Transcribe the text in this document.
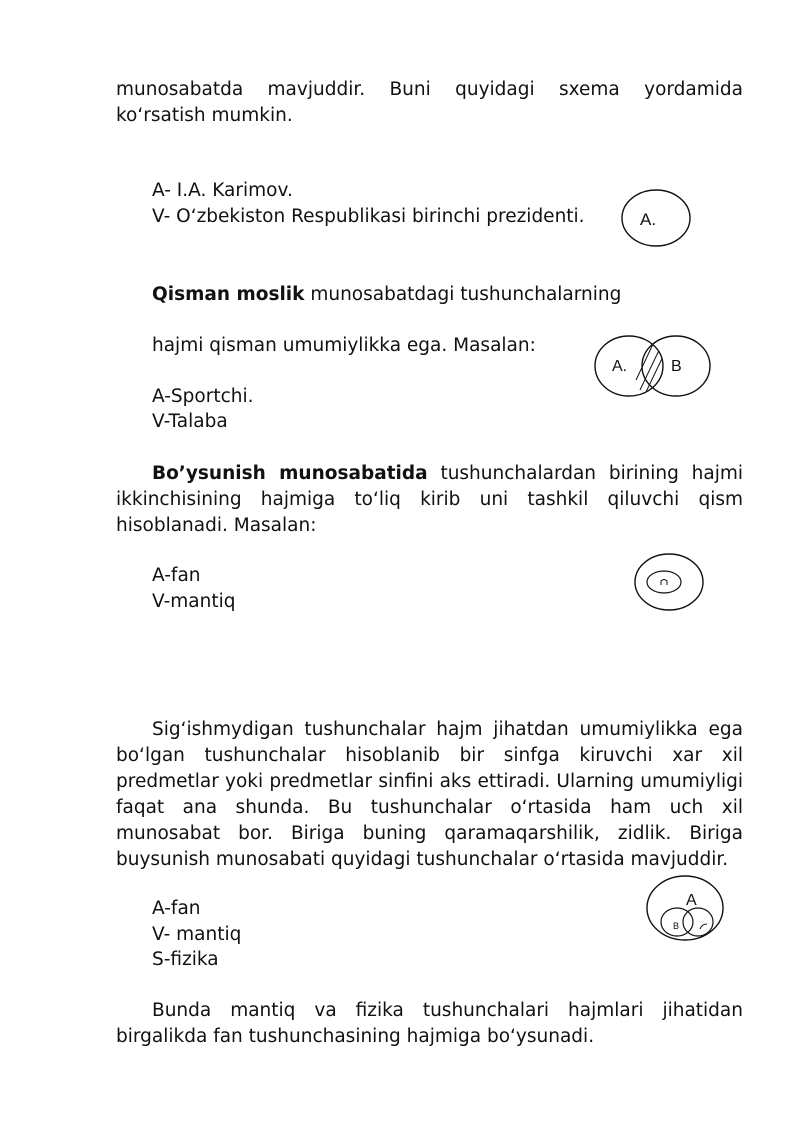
munosabatda mavjuddir. Buni quyidagi sxema yordamida ko‘rsatish mumkin.
A- I.A. Karimov.
V- O‘zbekiston Respublikasi birinchi prezidenti.	A.
Qisman moslik munosabatdagi tushunchalarning
hajmi qisman umumiylikka ega. Masalan:
A-Sportchi.
V-Talaba
A.	B
Bo’ysunish munosabatida tushunchalardan birining hajmi ikkinchisining hajmiga to‘liq kirib uni tashkil qiluvchi qism hisoblanadi. Masalan:
A-fan
V-mantiq
Sig‘ishmydigan tushunchalar hajm jihatdan umumiylikka ega bo‘lgan tushunchalar hisoblanib bir sinfga kiruvchi xar xil predmetlar yoki predmetlar sinfini aks ettiradi. Ularning umumiyligi faqat ana shunda. Bu tushunchalar o‘rtasida ham uch xil munosabat bor. Biriga buning qaramaqarshilik, zidlik. Biriga buysunish munosabati quyidagi tushunchalar o‘rtasida mavjuddir.
A-fan
V- mantiq
S-fizika
A
B
Bunda mantiq va fizika tushunchalari hajmlari jihatidan birgalikda fan tushunchasining hajmiga bo‘ysunadi.
